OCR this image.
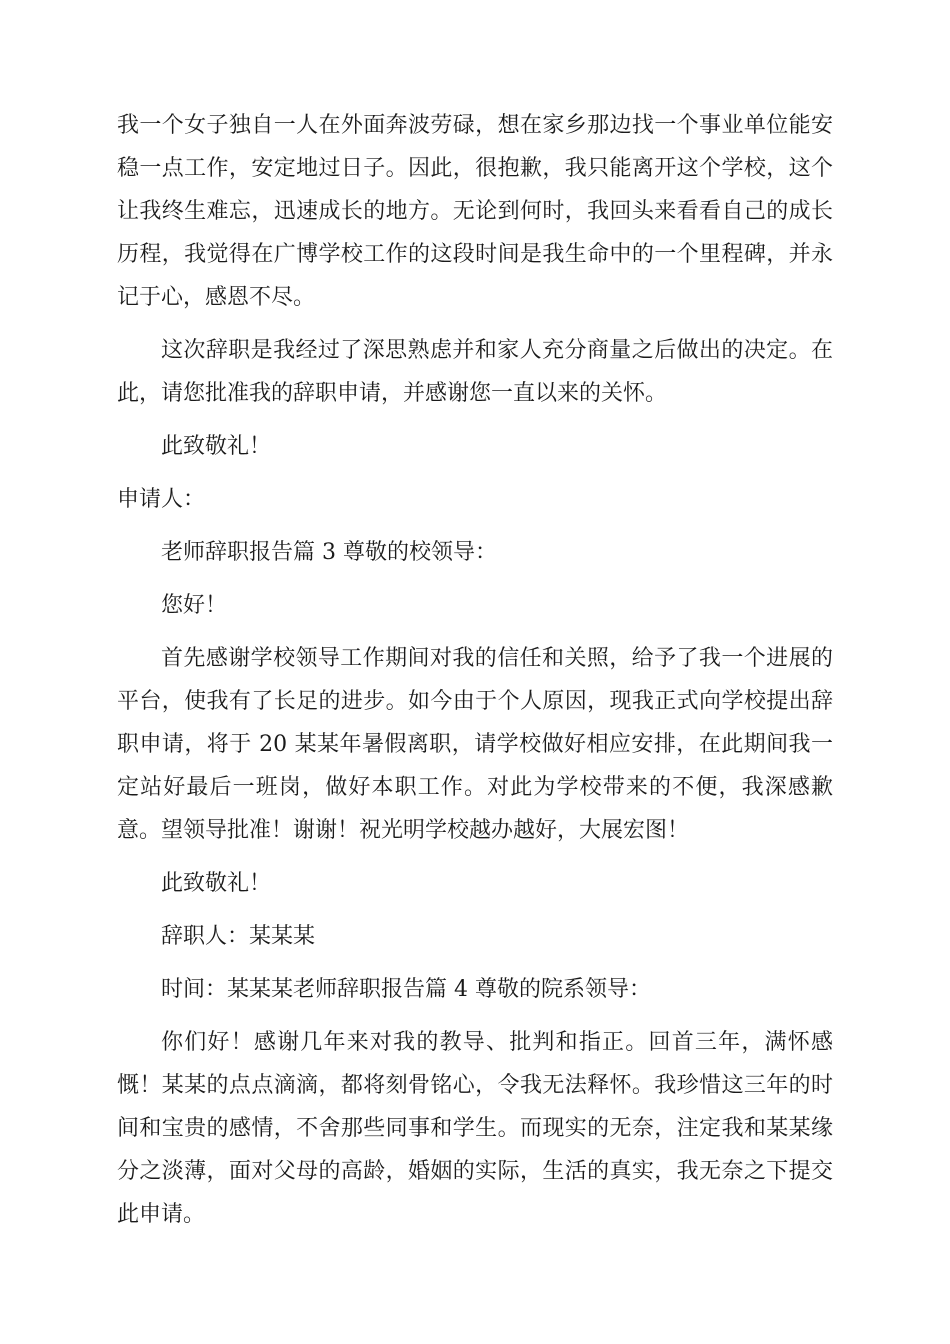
我一个女子独自一人在外面奔波劳碌，想在家乡那边找一个事业单位能安
稳一点工作，安定地过日子。因此，很抱歉，我只能离开这个学校，这个
让我终生难忘，迅速成长的地方。无论到何时，我回头来看看自己的成长
历程，我觉得在广博学校工作的这段时间是我生命中的一个里程碑，并永
记于心，感恩不尽。
这次辞职是我经过了深思熟虑并和家人充分商量之后做出的决定。在
此，请您批准我的辞职申请，并感谢您一直以来的关怀。
此致敬礼！
申请人：
老师辞职报告篇 3 尊敬的校领导：
您好！
首先感谢学校领导工作期间对我的信任和关照，给予了我一个进展的
平台，使我有了长足的进步。如今由于个人原因，现我正式向学校提出辞
职申请，将于 20 某某年暑假离职，请学校做好相应安排，在此期间我一
定站好最后一班岗，做好本职工作。对此为学校带来的不便，我深感歉
意。望领导批准！谢谢！祝光明学校越办越好，大展宏图！
此致敬礼！
辞职人：某某某
时间：某某某老师辞职报告篇 4 尊敬的院系领导：
你们好！感谢几年来对我的教导、批判和指正。回首三年，满怀感
慨！某某的点点滴滴，都将刻骨铭心，令我无法释怀。我珍惜这三年的时
间和宝贵的感情，不舍那些同事和学生。而现实的无奈，注定我和某某缘
分之淡薄，面对父母的高龄，婚姻的实际，生活的真实，我无奈之下提交
此申请。
